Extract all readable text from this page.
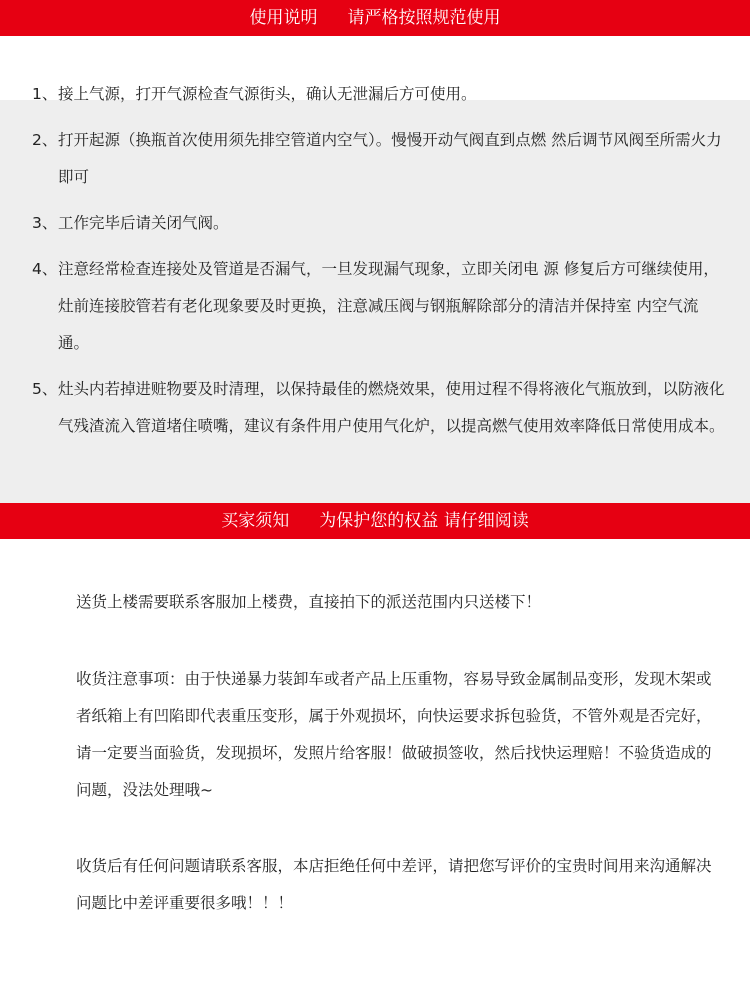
使用说明 请严格按照规范使用
1、 接上气源，打开气源检查气源街头，确认无泄漏后方可使用。
2、 打开起源（换瓶首次使用须先排空管道内空气）。慢慢开动气阀直到点燃 然后调节风阀至所需火力即可
3、 工作完毕后请关闭气阀。
4、 注意经常检查连接处及管道是否漏气，一旦发现漏气现象，立即关闭电 源 修复后方可继续使用，灶前连接胶管若有老化现象要及时更换，注意减压阀与钢瓶解除部分的清洁并保持室 内空气流通。
5、 灶头内若掉进赃物要及时清理，以保持最佳的燃烧效果，使用过程不得将液化气瓶放到，以防液化气残渣流入管道堵住喷嘴，建议有条件用户使用气化炉，以提高燃气使用效率降低日常使用成本。
买家须知 为保护您的权益 请仔细阅读

送货上楼需要联系客服加上楼费，直接拍下的派送范围内只送楼下！

收货注意事项：由于快递暴力装卸车或者产品上压重物，容易导致金属制品变形，发现木架或者纸箱上有凹陷即代表重压变形，属于外观损坏，向快运要求拆包验货，不管外观是否完好，请一定要当面验货，发现损坏，发照片给客服！做破损签收，然后找快运理赔！不验货造成的问题，没法处理哦~

收货后有任何问题请联系客服，本店拒绝任何中差评，请把您写评价的宝贵时间用来沟通解决问题比中差评重要很多哦！！！
